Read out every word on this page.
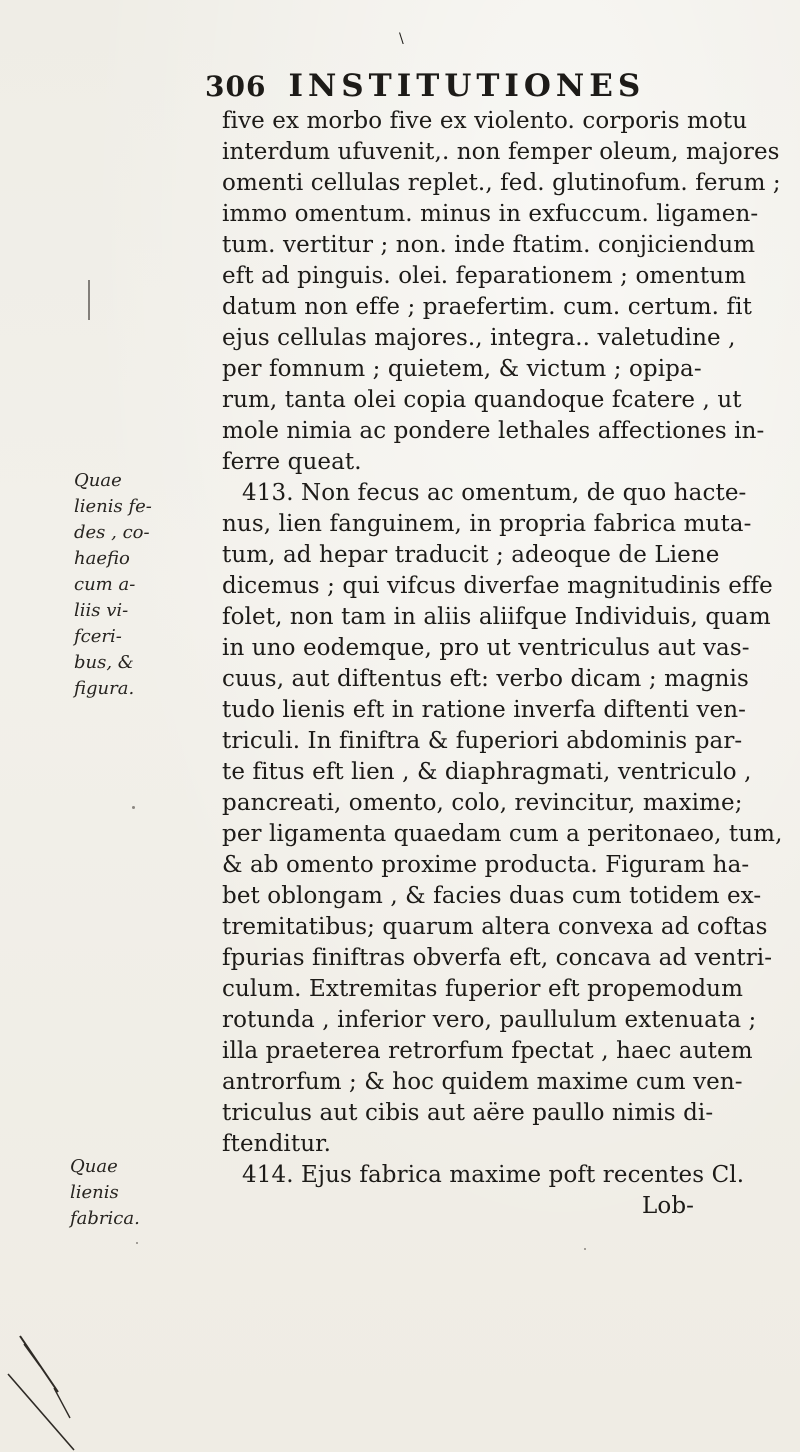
\
306 INSTITUTIONES
five ex morbo five ex violento. corporis motu
interdum ufuvenit,. non femper oleum, majores
omenti cellulas replet., fed. glutinofum. ferum ;
immo omentum. minus in exfuccum. ligamen-
tum. vertitur ; non. inde ftatim. conjiciendum
eft ad pinguis. olei. feparationem ; omentum
datum non effe ; praefertim. cum. certum. fit
ejus cellulas majores., integra.. valetudine ,
per fomnum ; quietem, & victum ; opipa-
rum, tanta olei copia quandoque fcatere , ut
mole nimia ac pondere lethales affectiones in-
ferre queat.
413. Non fecus ac omentum, de quo hacte-
nus, lien fanguinem, in propria fabrica muta-
tum, ad hepar traducit ; adeoque de Liene
dicemus ; qui vifcus diverfae magnitudinis effe
folet, non tam in aliis aliifque Individuis, quam
in uno eodemque, pro ut ventriculus aut vas-
cuus, aut diftentus eft: verbo dicam ; magnis
tudo lienis eft in ratione inverfa diftenti ven-
triculi. In finiftra & fuperiori abdominis par-
te fitus eft lien , & diaphragmati, ventriculo ,
pancreati, omento, colo, revincitur, maxime;
per ligamenta quaedam cum a peritonaeo, tum,
& ab omento proxime producta. Figuram ha-
bet oblongam , & facies duas cum totidem ex-
tremitatibus; quarum altera convexa ad coftas
fpurias finiftras obverfa eft, concava ad ventri-
culum. Extremitas fuperior eft propemodum
rotunda , inferior vero, paullulum extenuata ;
illa praeterea retrorfum fpectat , haec autem
antrorfum ; & hoc quidem maxime cum ven-
triculus aut cibis aut aëre paullo nimis di-
ftenditur.
414. Ejus fabrica maxime poft recentes Cl.
Lob-
Quae
lienis fe-
des , co-
haefio
cum a-
liis vi-
fceri-
bus, &
figura.
Quae
lienis
fabrica.
